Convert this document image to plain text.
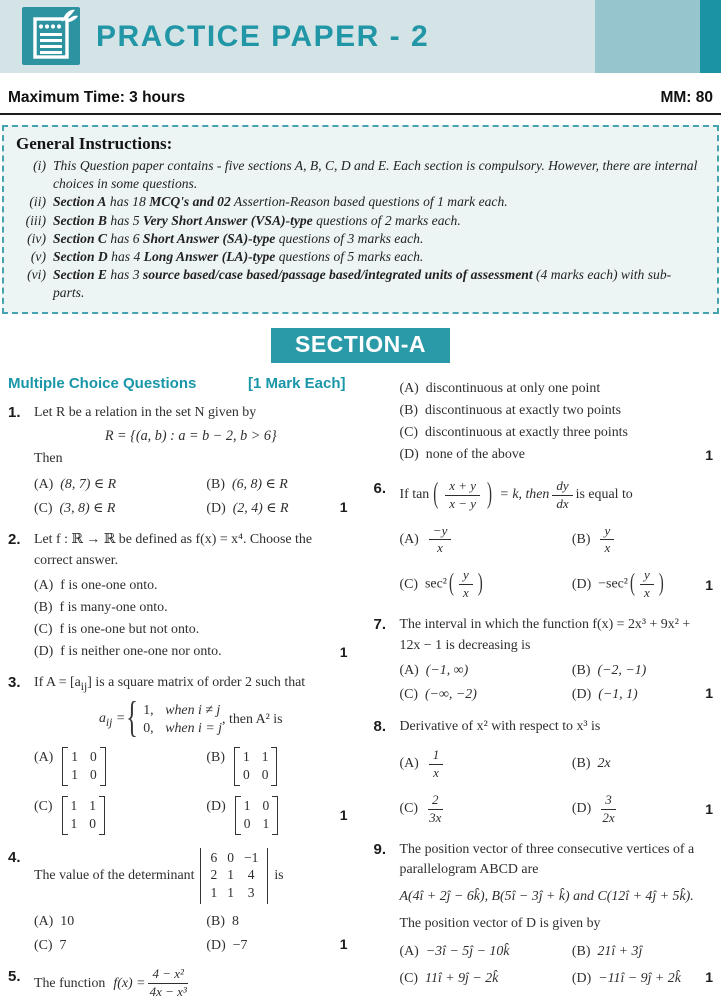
PRACTICE PAPER - 2
Maximum Time: 3 hours	MM: 80
General Instructions:
(i) This Question paper contains - five sections A, B, C, D and E. Each section is compulsory. However, there are internal choices in some questions.
(ii) Section A has 18 MCQ's and 02 Assertion-Reason based questions of 1 mark each.
(iii) Section B has 5 Very Short Answer (VSA)-type questions of 2 marks each.
(iv) Section C has 6 Short Answer (SA)-type questions of 3 marks each.
(v) Section D has 4 Long Answer (LA)-type questions of 5 marks each.
(vi) Section E has 3 source based/case based/passage based/integrated units of assessment (4 marks each) with sub- parts.
SECTION-A
Multiple Choice Questions	[1 Mark Each]
1. Let R be a relation in the set N given by
R = {(a, b) : a = b − 2, b > 6}
Then
(A) (8, 7) ∈ R	(B) (6, 8) ∈ R
(C) (3, 8) ∈ R	(D) (2, 4) ∈ R	1
2. Let f : ℝ → ℝ be defined as f(x) = x⁴. Choose the correct answer.
(A) f is one-one onto.
(B) f is many-one onto.
(C) f is one-one but not onto.
(D) f is neither one-one nor onto.	1
3. If $A = [a_{ij}]$ is a square matrix of order 2 such that
$a_{ij}$ =
{ 1, when i ≠ j
0, when i = j
, then A² is
(A) 1 0
1 0
(B) 1 1
0 0
(C) 1 1
1 0
(D) 1 0
0 1	1
4.
The value of the determinant
6 0 −1
2 1 4
1 1 3
is
(A) 10	(B) 8
(C) 7	(D) −7	1
5. The function $f(x) = \frac{\text{4 − x²}}{\text{4x − x³}}$
(A) discontinuous at only one point
(B) discontinuous at exactly two points
(C) discontinuous at exactly three points
(D) none of the above	1
6. If tan ( $\frac{x + y}{x - y}$ ) = k, then $\frac{dy}{dx}$ is equal to
$(A) \frac{-y}{x}$	$(B) \frac{y}{x}$
(C) sec² ( $\frac{y}{x}$
)	$(D) -\sec^2( \frac{y}{x}$ )	1
7. The interval in which the function f(x) = 2x³ + 9x² + 12x − 1 is decreasing is
(A) (−1, ∞)	(B) (−2, −1)
(C) (−∞, −2)	(D) (−1, 1)	1
8. Derivative of x² with respect to x³ is
$(A) \frac{1}{x}$	(B) 2x
$(C) \frac{2}{3x}$	$(D) \frac{3}{2x}$	1
9. The position vector of three consecutive vertices of a parallelogram ABCD are
A(4î + 2ĵ − 6k̂), B(5î − 3ĵ + k̂) and C(12î + 4ĵ + 5k̂).
The position vector of D is given by
(A) −3î − 5ĵ − 10k̂	(B) 21î + 3ĵ
(C) 11î + 9ĵ − 2k̂	(D) −11î − 9ĵ + 2k̂	1
